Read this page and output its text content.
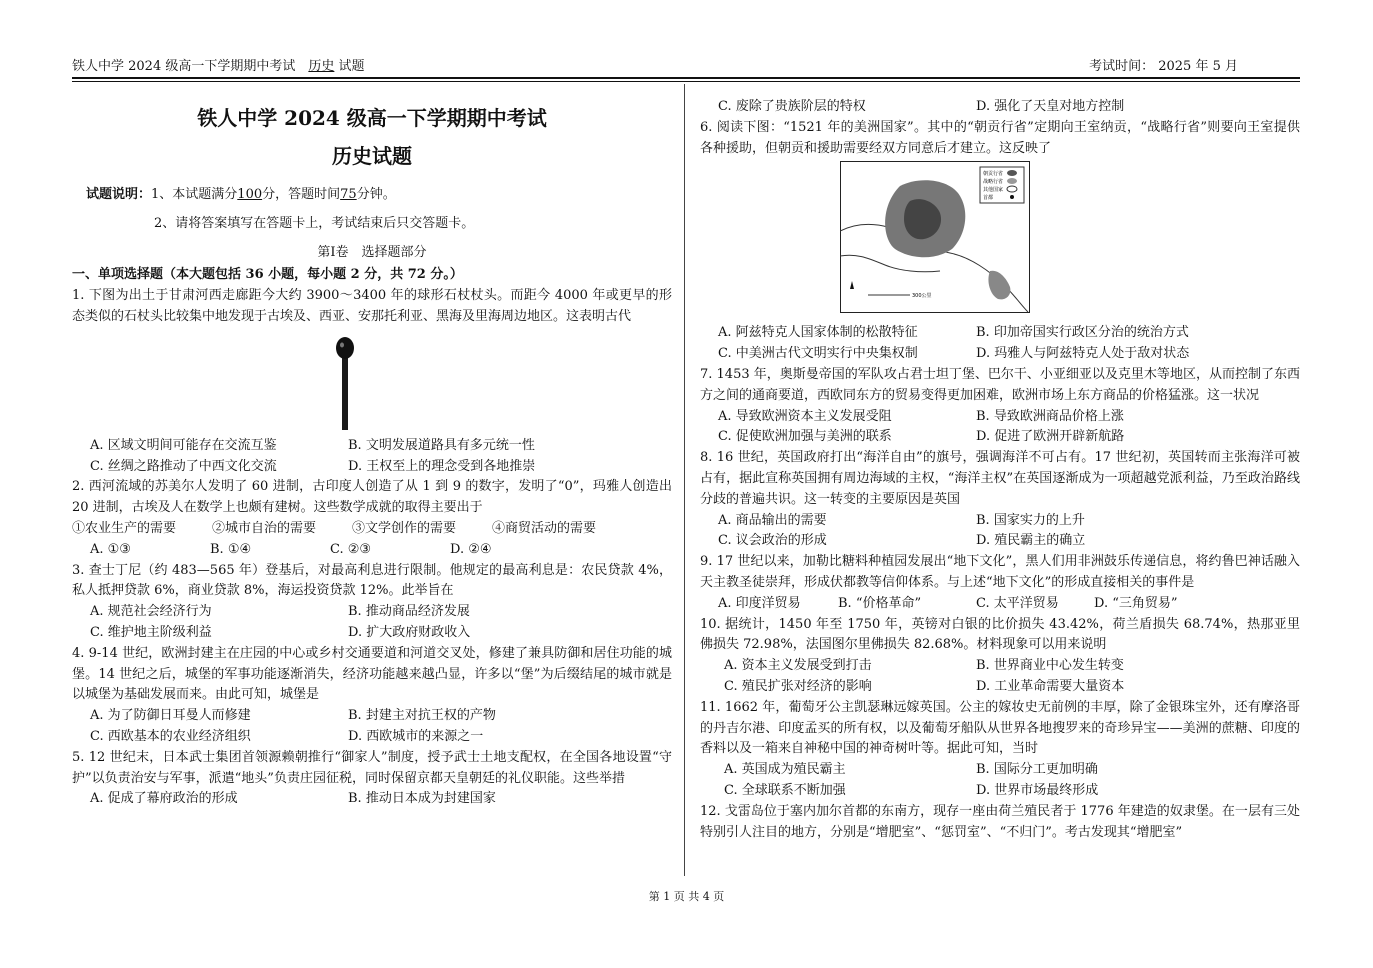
铁人中学 2024 级高一下学期期中考试　 历史 试题	考试时间： 2025 年 5 月

铁人中学 2024 级高一下学期期中考试

历史试题

试题说明：1、本试题满分100分，答题时间75分钟。

2、请将答案填写在答题卡上，考试结束后只交答题卡。

第Ⅰ卷　选择题部分

一、单项选择题（本大题包括 36 小题，每小题 2 分，共 72 分。）

1. 下图为出土于甘肃河西走廊距今大约 3900～3400 年的球形石杖杖头。而距今 4000 年或更早的形态类似的石杖头比较集中地发现于古埃及、西亚、安那托利亚、黑海及里海周边地区。这表明古代

A. 区域文明间可能存在交流互鉴	B. 文明发展道路具有多元统一性
C. 丝绸之路推动了中西文化交流	D. 王权至上的理念受到各地推崇

2. 西河流域的苏美尔人发明了 60 进制，古印度人创造了从 1 到 9 的数字，发明了“0”，玛雅人创造出 20 进制，古埃及人在数学上也颇有建树。这些数学成就的取得主要出于

①农业生产的需要	②城市自治的需要	③文学创作的需要	④商贸活动的需要
A. ①③	B. ①④	C. ②③	D. ②④

3. 查士丁尼（约 483—565 年）登基后，对最高利息进行限制。他规定的最高利息是：农民贷款 4%，私人抵押贷款 6%，商业贷款 8%，海运投资贷款 12%。此举旨在

A. 规范社会经济行为	B. 推动商品经济发展
C. 维护地主阶级利益	D. 扩大政府财政收入

4. 9-14 世纪，欧洲封建主在庄园的中心或乡村交通要道和河道交叉处，修建了兼具防御和居住功能的城堡。14 世纪之后，城堡的军事功能逐渐消失，经济功能越来越凸显，许多以“堡”为后缀结尾的城市就是以城堡为基础发展而来。由此可知，城堡是

A. 为了防御日耳曼人而修建	B. 封建主对抗王权的产物
C. 西欧基本的农业经济组织	D. 西欧城市的来源之一

5. 12 世纪末，日本武士集团首领源赖朝推行“御家人”制度，授予武士土地支配权，在全国各地设置“守护”以负责治安与军事，派遣“地头”负责庄园征税，同时保留京都天皇朝廷的礼仪职能。这些举措

A. 促成了幕府政治的形成	B. 推动日本成为封建国家
C. 废除了贵族阶层的特权	D. 强化了天皇对地方控制

6. 阅读下图：“1521 年的美洲国家”。其中的“朝贡行省”定期向王室纳贡，“战略行省”则要向王室提供各种援助，但朝贡和援助需要经双方同意后才建立。这反映了

朝贡行省
战略行省
其他国家
首都
300公里
A. 阿兹特克人国家体制的松散特征	B. 印加帝国实行政区分治的统治方式
C. 中美洲古代文明实行中央集权制	D. 玛雅人与阿兹特克人处于敌对状态

7. 1453 年，奥斯曼帝国的军队攻占君士坦丁堡、巴尔干、小亚细亚以及克里木等地区，从而控制了东西方之间的通商要道，西欧同东方的贸易变得更加困难，欧洲市场上东方商品的价格猛涨。这一状况

A. 导致欧洲资本主义发展受阻	B. 导致欧洲商品价格上涨
C. 促使欧洲加强与美洲的联系	D. 促进了欧洲开辟新航路

8. 16 世纪，英国政府打出“海洋自由”的旗号，强调海洋不可占有。17 世纪初，英国转而主张海洋可被占有，据此宣称英国拥有周边海域的主权，“海洋主权”在英国逐渐成为一项超越党派利益，乃至政治路线分歧的普遍共识。这一转变的主要原因是英国

A. 商品输出的需要	B. 国家实力的上升
C. 议会政治的形成	D. 殖民霸主的确立

9. 17 世纪以来，加勒比糖料种植园发展出“地下文化”，黑人们用非洲鼓乐传递信息，将约鲁巴神话融入天主教圣徒崇拜，形成伏都教等信仰体系。与上述“地下文化”的形成直接相关的事件是

A. 印度洋贸易	B. “价格革命”	C. 太平洋贸易	D. “三角贸易”

10. 据统计，1450 年至 1750 年，英镑对白银的比价损失 43.42%，荷兰盾损失 68.74%，热那亚里佛损失 72.98%，法国图尔里佛损失 82.68%。材料现象可以用来说明

A. 资本主义发展受到打击	B. 世界商业中心发生转变
C. 殖民扩张对经济的影响	D. 工业革命需要大量资本

11. 1662 年，葡萄牙公主凯瑟琳远嫁英国。公主的嫁妆史无前例的丰厚，除了金银珠宝外，还有摩洛哥的丹吉尔港、印度孟买的所有权，以及葡萄牙船队从世界各地搜罗来的奇珍异宝——美洲的蔗糖、印度的香料以及一箱来自神秘中国的神奇树叶等。据此可知，当时

A. 英国成为殖民霸主	B. 国际分工更加明确
C. 全球联系不断加强	D. 世界市场最终形成

12. 戈雷岛位于塞内加尔首都的东南方，现存一座由荷兰殖民者于 1776 年建造的奴隶堡。在一层有三处特别引人注目的地方，分别是“增肥室”、“惩罚室”、“不归门”。考古发现其“增肥室”

第 1 页 共 4 页
